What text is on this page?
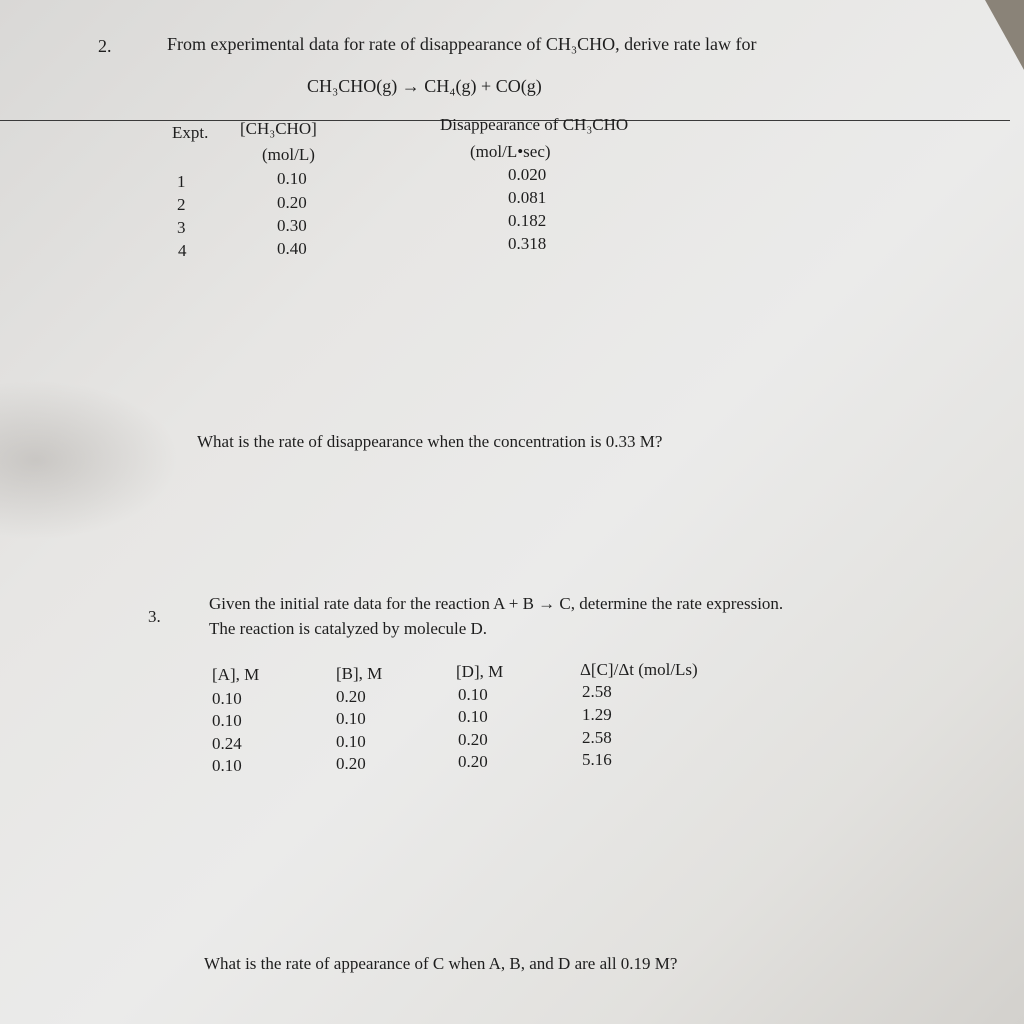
2.	From experimental data for rate of disappearance of CH₃CHO, derive rate law for
CH₃CHO(g) → CH₄(g) + CO(g)
Expt. [CH₃CHO]
(mol/L)
Disappearance of CH₃CHO
(mol/L•sec)
1	0.10	0.020
2	0.20	0.081
3	0.30	0.182
4	0.40	0.318
What is the rate of disappearance when the concentration is 0.33 M?
3.
Given the initial rate data for the reaction A + B → C, determine the rate expression.
The reaction is catalyzed by molecule D.
[A], M	[B], M	[D], M	Δ[C]/Δt (mol/Ls)
0.10	0.20	0.10	2.58
0.10	0.10	0.10	1.29
0.24	0.10	0.20	2.58
0.10	0.20	0.20	5.16
What is the rate of appearance of C when A, B, and D are all 0.19 M?
